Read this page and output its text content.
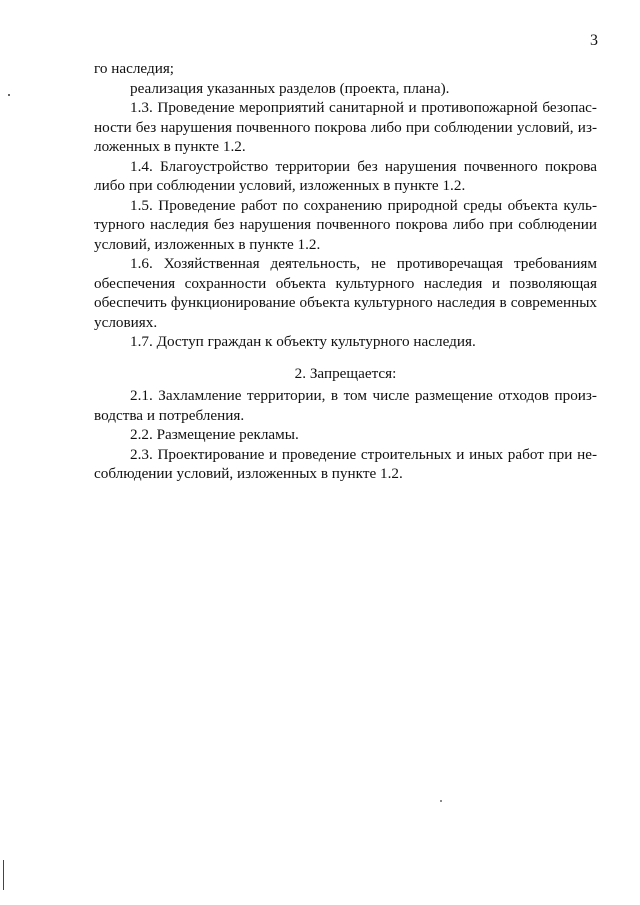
3
го наследия;
реализация указанных разделов (проекта, плана).
1.3. Проведение мероприятий санитарной и противопожарной безопас-
ности без нарушения почвенного покрова либо при соблюдении условий, из-
ложенных в пункте 1.2.
1.4. Благоустройство территории без нарушения почвенного покрова
либо при соблюдении условий, изложенных в пункте 1.2.
1.5. Проведение работ по сохранению природной среды объекта куль-
турного наследия без нарушения почвенного покрова либо при соблюдении
условий, изложенных в пункте 1.2.
1.6. Хозяйственная деятельность, не противоречащая требованиям
обеспечения сохранности объекта культурного наследия и позволяющая
обеспечить функционирование объекта культурного наследия в современных
условиях.
1.7. Доступ граждан к объекту культурного наследия.
2. Запрещается:
2.1. Захламление территории, в том числе размещение отходов произ-
водства и потребления.
2.2. Размещение рекламы.
2.3. Проектирование и проведение строительных и иных работ при не-
соблюдении условий, изложенных в пункте 1.2.
